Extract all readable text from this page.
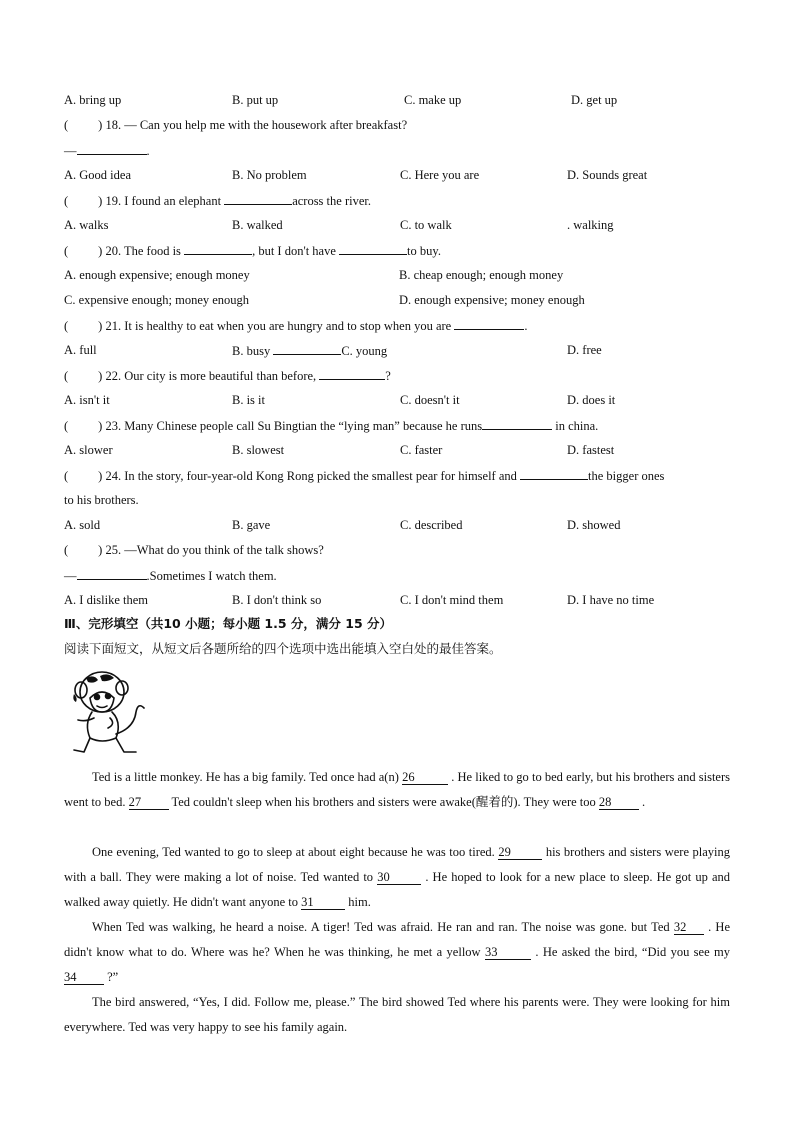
A. bring up	B. put up	C. make up	D. get up
( ) 18. — Can you help me with the housework after breakfast?
—	.
A. Good idea	B. No problem	C. Here you are	D. Sounds great
( ) 19. I found an elephant	across the river.
A. walks	B. walked	C. to walk	. walking
( ) 20. The food is	, but I don't have	to buy.
A. enough expensive; enough money	B. cheap enough; enough money
C. expensive enough; money enough	D. enough expensive; money enough
( ) 21. It is healthy to eat when you are hungry and to stop when you are	.
A. full	B. busy	C. young	D. free
( ) 22. Our city is more beautiful than before,	?
A. isn't it	B. is it	C. doesn't it	D. does it
( ) 23. Many Chinese people call Su Bingtian the “lying man” because he runs	in china.
A. slower	B. slowest	C. faster	D. fastest
( ) 24. In the story, four-year-old Kong Rong picked the smallest pear for himself and	the bigger ones
to his brothers.
A. sold	B. gave	C. described	D. showed
( ) 25. —What do you think of the talk shows?
—	.Sometimes I watch them.
A. I dislike them	B. I don't think so	C. I don't mind them	D. I have no time
Ⅲ、完形填空（共10 小题；每小题 1.5 分，满分 15 分）
阅读下面短文，从短文后各题所给的四个选项中选出能填入空白处的最佳答案。
Ted is a little monkey. He has a big family. Ted once had a(n) 26	. He liked to go to bed early, but his brothers and sisters went to bed. 27 Ted couldn't sleep when his brothers and sisters were awake(醒着的). They were too 28 .
One evening, Ted wanted to go to sleep at about eight because he was too tired. 29	his brothers and sisters were playing with a ball. They were making a lot of noise. Ted wanted to 30	. He hoped to look for a new place to sleep. He got up and walked away quietly. He didn't want anyone to 31	him.
When Ted was walking, he heard a noise. A tiger! Ted was afraid. He ran and ran. The noise was gone. but Ted 32 . He didn't know what to do. Where was he? When he was thinking, he met a yellow 33	. He asked the bird, “Did you see my 34 ?”
The bird answered, “Yes, I did. Follow me, please.” The bird showed Ted where his parents were. They were looking for him everywhere. Ted was very happy to see his family again.
